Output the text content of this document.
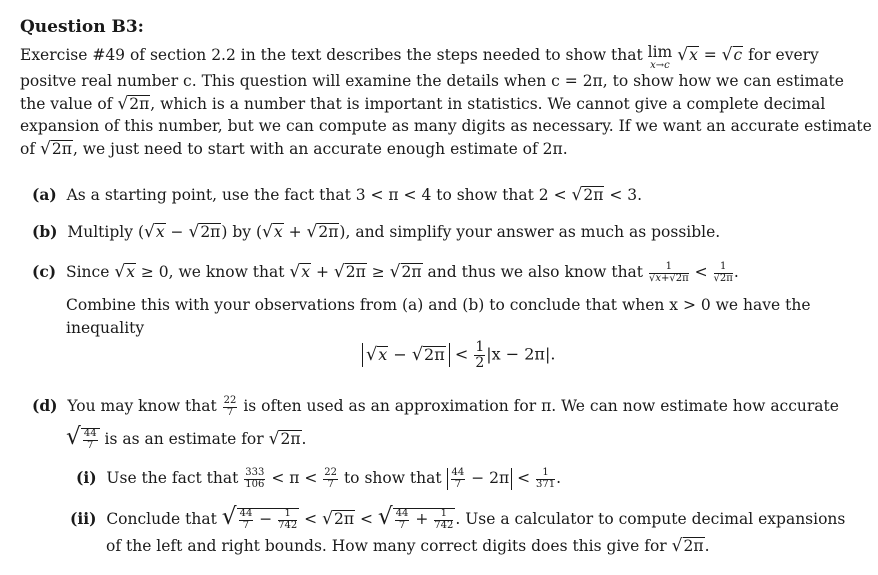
Question B3:
Exercise #49 of section 2.2 in the text describes the steps needed to show that lim
x→c √x = √c for every
positve real number c. This question will examine the details when c = 2π, to show how we can estimate
the value of √2π, which is a number that is important in statistics. We cannot give a complete decimal
expansion of this number, but we can compute as many digits as necessary. If we want an accurate estimate
of √2π, we just need to start with an accurate enough estimate of 2π.
(a) As a starting point, use the fact that 3 < π < 4 to show that 2 < √2π < 3.
(b) Multiply (√x − √2π) by (√x + √2π), and simplify your answer as much as possible.
(c) Since √x ≥ 0, we know that √x + √2π ≥ √2π and thus we also know that $\frac{1}{√x+√2\pi} < \frac{1}{√2\pi}$ .
Combine this with your observations from (a) and (b) to conclude that when x > 0 we have the
inequality
$√x - √2\pi < \frac{1}{2} |x - 2\pi|$.
(d) You may know that $\frac{22}{7}$ is often used as an approximation for π. We can now estimate how accurate
√ $\frac{44}{7}$ is as an estimate for √2π.
(i) Use the fact that $\frac{333}{106} < \pi < \frac{22}{7}$ to show that $\frac{44}{7} - 2\pi < \frac{1}{371}$ .
(ii) Conclude that √ $\frac{44}{7} - \frac{1}{742} < √2\pi$ < √ $\frac{44}{7} + \frac{1}{742}$ . Use a calculator to compute decimal expansions
of the left and right bounds. How many correct digits does this give for √2π.
